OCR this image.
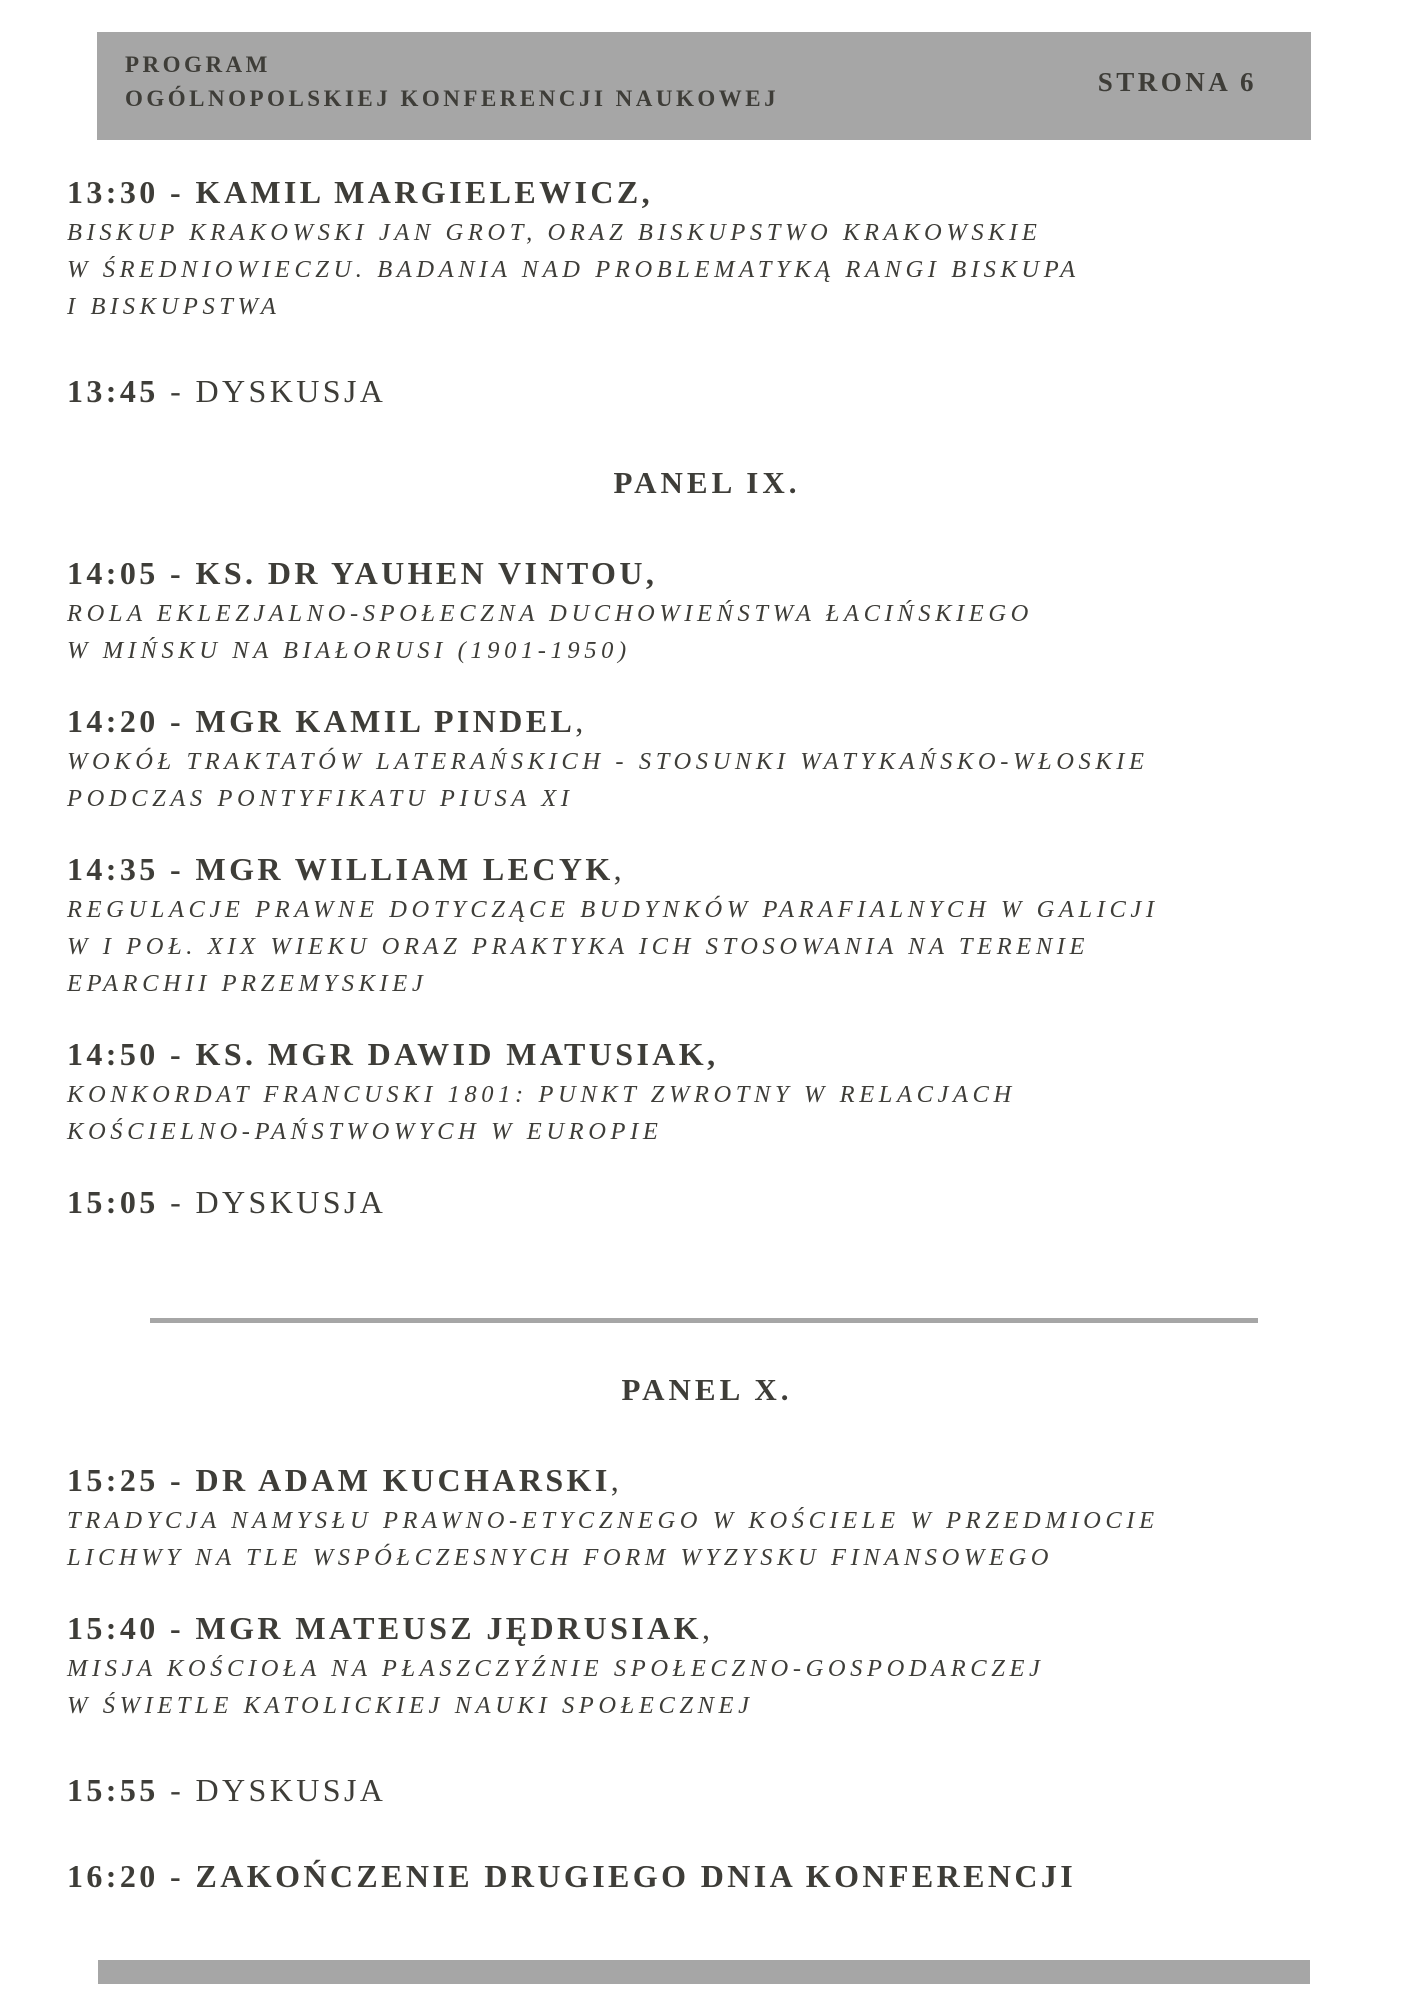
PROGRAM
OGÓLNOPOLSKIEJ KONFERENCJI NAUKOWEJ
STRONA 6
13:30 - KAMIL MARGIELEWICZ,
BISKUP KRAKOWSKI JAN GROT, ORAZ BISKUPSTWO KRAKOWSKIE
W ŚREDNIOWIECZU. BADANIA NAD PROBLEMATYKĄ RANGI BISKUPA
I BISKUPSTWA
13:45 - DYSKUSJA
PANEL IX.
14:05 - KS. DR YAUHEN VINTOU,
ROLA EKLEZJALNO-SPOŁECZNA DUCHOWIEŃSTWA ŁACIŃSKIEGO
W MIŃSKU NA BIAŁORUSI (1901-1950)
14:20 - MGR KAMIL PINDEL,
WOKÓŁ TRAKTATÓW LATERAŃSKICH - STOSUNKI WATYKAŃSKO-WŁOSKIE
PODCZAS PONTYFIKATU PIUSA XI
14:35 - MGR WILLIAM LECYK,
REGULACJE PRAWNE DOTYCZĄCE BUDYNKÓW PARAFIALNYCH W GALICJI
W I POŁ. XIX WIEKU ORAZ PRAKTYKA ICH STOSOWANIA NA TERENIE
EPARCHII PRZEMYSKIEJ
14:50 - KS. MGR DAWID MATUSIAK,
KONKORDAT FRANCUSKI 1801: PUNKT ZWROTNY W RELACJACH
KOŚCIELNO-PAŃSTWOWYCH W EUROPIE
15:05 - DYSKUSJA
PANEL X.
15:25 - DR ADAM KUCHARSKI,
TRADYCJA NAMYSŁU PRAWNO-ETYCZNEGO W KOŚCIELE W PRZEDMIOCIE
LICHWY NA TLE WSPÓŁCZESNYCH FORM WYZYSKU FINANSOWEGO
15:40 - MGR MATEUSZ JĘDRUSIAK,
MISJA KOŚCIOŁA NA PŁASZCZYŹNIE SPOŁECZNO-GOSPODARCZEJ
W ŚWIETLE KATOLICKIEJ NAUKI SPOŁECZNEJ
15:55 - DYSKUSJA
16:20 - ZAKOŃCZENIE DRUGIEGO DNIA KONFERENCJI
